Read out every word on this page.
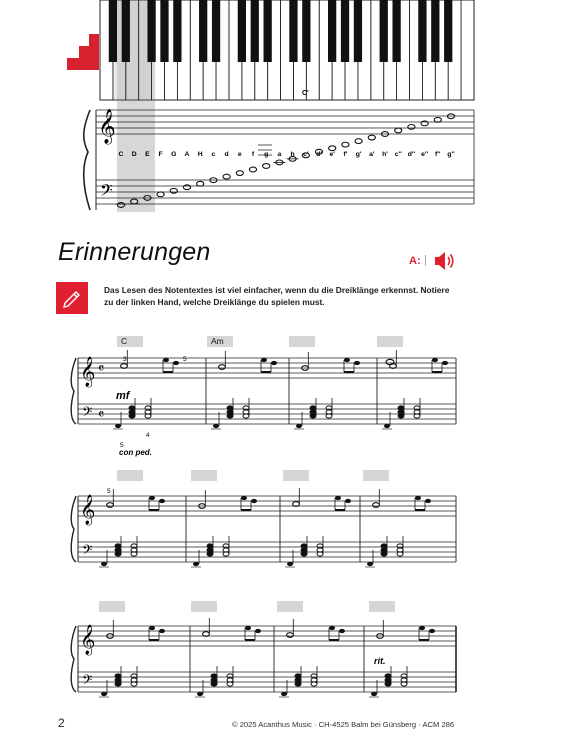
C'
𝄞
𝄢
C D E F G A H c d e f g a h c' d' e' f' g' a' h' c'' d'' e'' f'' g''
Erinnerungen	A: |
Das Lesen des Notentextes ist viel einfacher, wenn du die Dreiklänge erkennst. Notiere zu der linken Hand, welche Dreiklänge du spielen must.
C	Am
𝄞
𝄢
𝄴
𝄴
3	5
5
4
mf
con ped.
𝄞
𝄢
5
𝄞
𝄢
rit.
2	© 2025 Acanthus Music · CH-4525 Balm bei Günsberg · ACM 286
